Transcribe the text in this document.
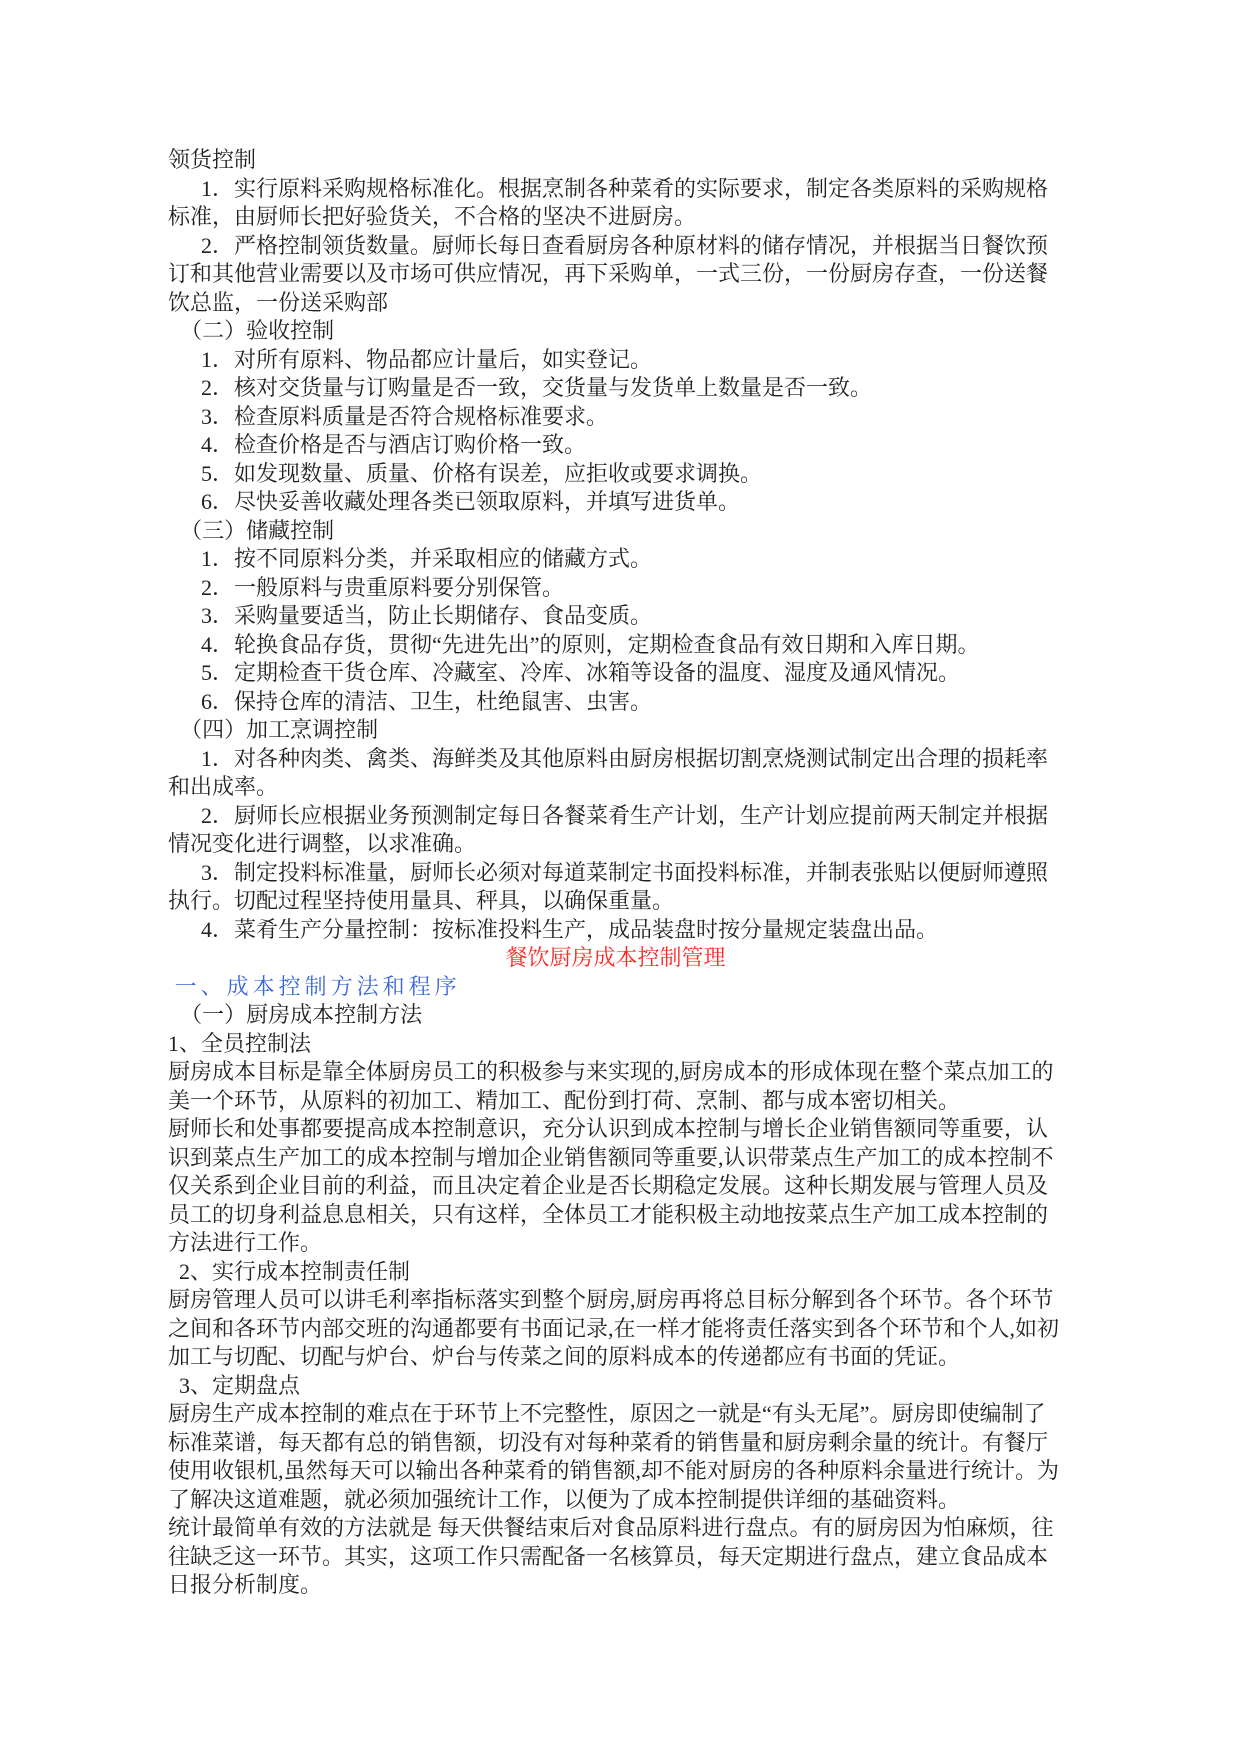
领货控制

1．实行原料采购规格标准化。根据烹制各种菜肴的实际要求，制定各类原料的采购规格标准，由厨师长把好验货关，不合格的坚决不进厨房。

2．严格控制领货数量。厨师长每日查看厨房各种原材料的储存情况，并根据当日餐饮预订和其他营业需要以及市场可供应情况，再下采购单，一式三份，一份厨房存查，一份送餐饮总监，一份送采购部

（二）验收控制

1．对所有原料、物品都应计量后，如实登记。

2．核对交货量与订购量是否一致，交货量与发货单上数量是否一致。

3．检查原料质量是否符合规格标准要求。

4．检查价格是否与酒店订购价格一致。

5．如发现数量、质量、价格有误差，应拒收或要求调换。

6．尽快妥善收藏处理各类已领取原料，并填写进货单。

（三）储藏控制

1．按不同原料分类，并采取相应的储藏方式。

2．一般原料与贵重原料要分别保管。

3．采购量要适当，防止长期储存、食品变质。

4．轮换食品存货，贯彻“先进先出”的原则，定期检查食品有效日期和入库日期。

5．定期检查干货仓库、冷藏室、冷库、冰箱等设备的温度、湿度及通风情况。

6．保持仓库的清洁、卫生，杜绝鼠害、虫害。

（四）加工烹调控制

1．对各种肉类、禽类、海鲜类及其他原料由厨房根据切割烹烧测试制定出合理的损耗率和出成率。

2．厨师长应根据业务预测制定每日各餐菜肴生产计划，生产计划应提前两天制定并根据情况变化进行调整，以求准确。

3．制定投料标准量，厨师长必须对每道菜制定书面投料标准，并制表张贴以便厨师遵照执行。切配过程坚持使用量具、秤具，以确保重量。

4．菜肴生产分量控制：按标准投料生产，成品装盘时按分量规定装盘出品。

餐饮厨房成本控制管理

一、成本控制方法和程序

（一）厨房成本控制方法

1、全员控制法

厨房成本目标是靠全体厨房员工的积极参与来实现的,厨房成本的形成体现在整个菜点加工的美一个环节，从原料的初加工、精加工、配份到打荷、烹制、都与成本密切相关。

厨师长和处事都要提高成本控制意识，充分认识到成本控制与增长企业销售额同等重要，认识到菜点生产加工的成本控制与增加企业销售额同等重要,认识带菜点生产加工的成本控制不仅关系到企业目前的利益，而且决定着企业是否长期稳定发展。这种长期发展与管理人员及员工的切身利益息息相关，只有这样，全体员工才能积极主动地按菜点生产加工成本控制的方法进行工作。

2、实行成本控制责任制

厨房管理人员可以讲毛利率指标落实到整个厨房,厨房再将总目标分解到各个环节。各个环节之间和各环节内部交班的沟通都要有书面记录,在一样才能将责任落实到各个环节和个人,如初加工与切配、切配与炉台、炉台与传菜之间的原料成本的传递都应有书面的凭证。

3、定期盘点

厨房生产成本控制的难点在于环节上不完整性，原因之一就是“有头无尾”。厨房即使编制了标准菜谱，每天都有总的销售额，切没有对每种菜肴的销售量和厨房剩余量的统计。有餐厅使用收银机,虽然每天可以输出各种菜肴的销售额,却不能对厨房的各种原料余量进行统计。为了解决这道难题，就必须加强统计工作，以便为了成本控制提供详细的基础资料。

统计最简单有效的方法就是 每天供餐结束后对食品原料进行盘点。有的厨房因为怕麻烦，往往缺乏这一环节。其实，这项工作只需配备一名核算员，每天定期进行盘点，建立食品成本日报分析制度。
